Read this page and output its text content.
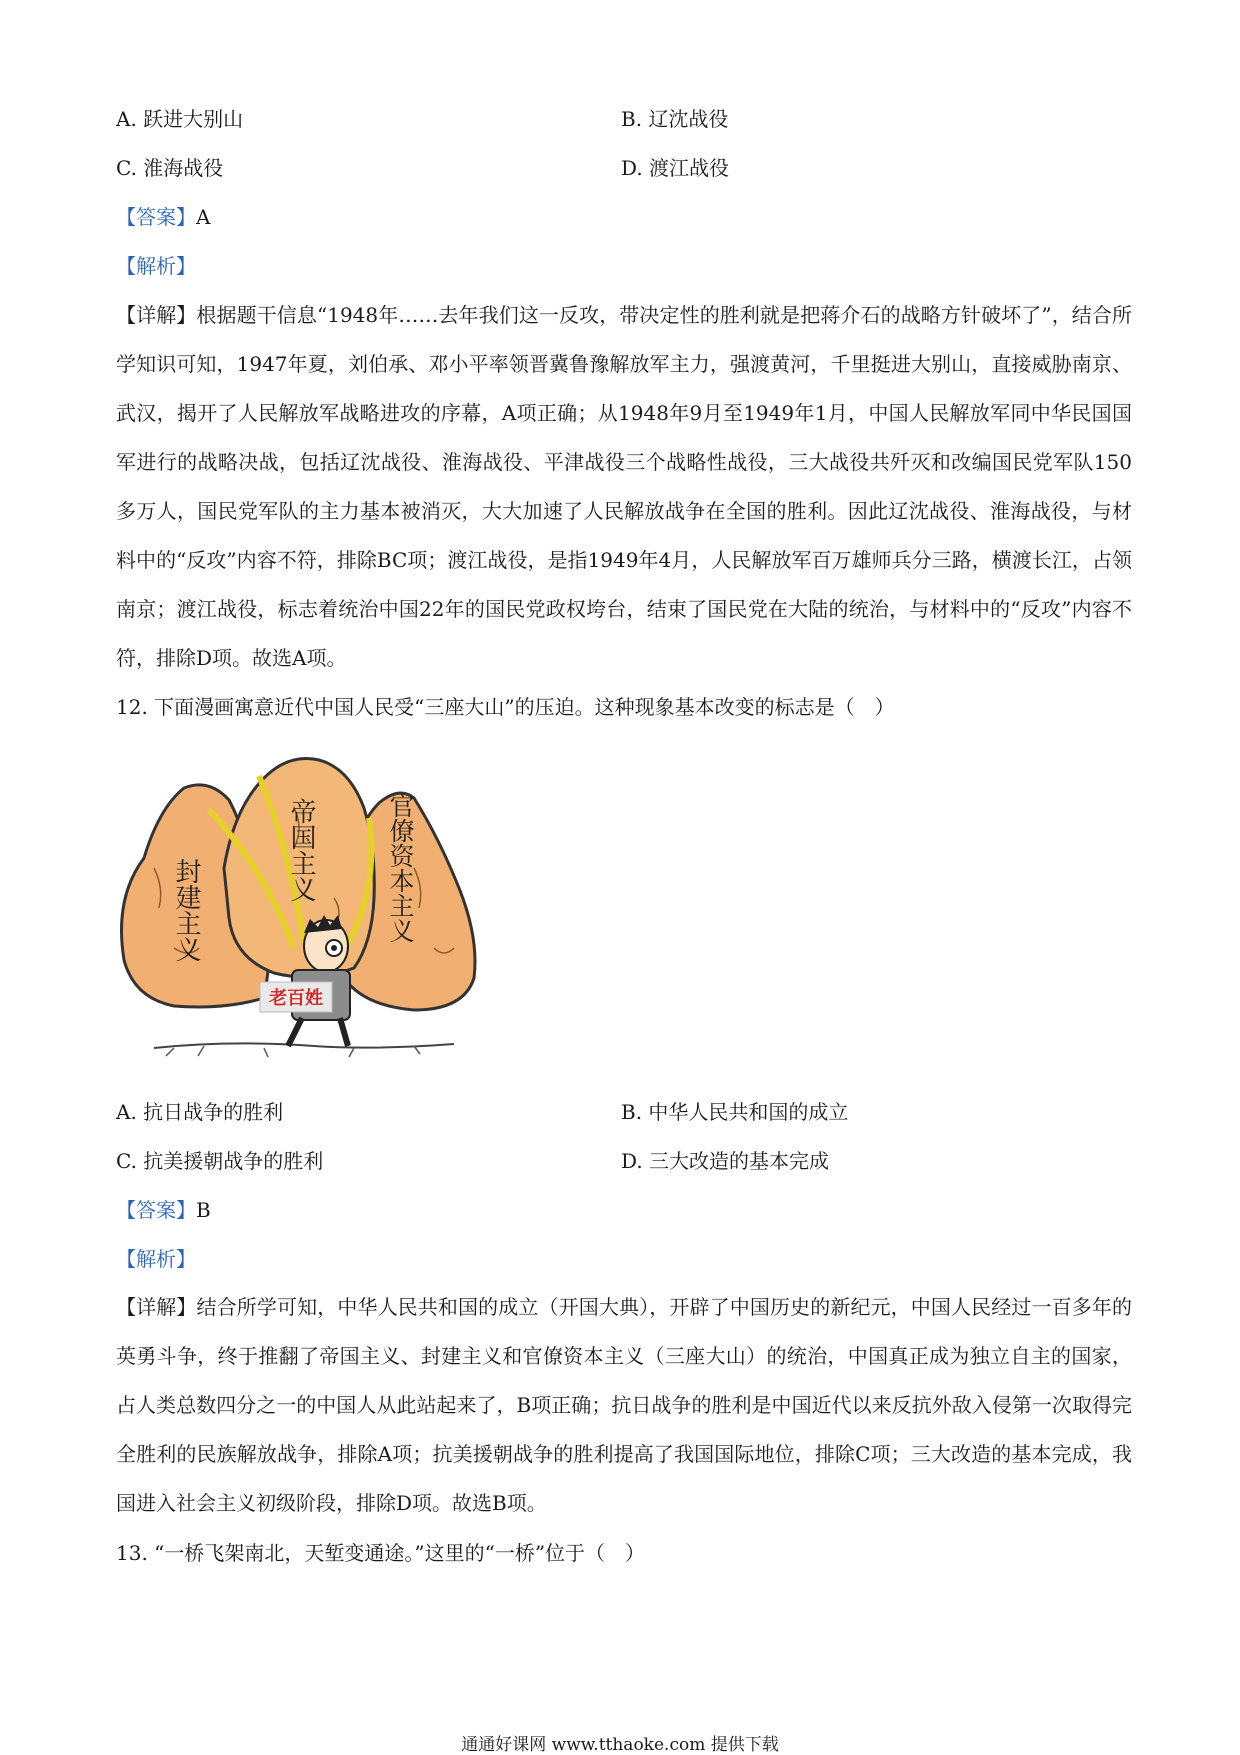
A. 跃进大别山	B. 辽沈战役
C. 淮海战役	D. 渡江战役
【答案】A
【解析】

【详解】根据题干信息“1948年……去年我们这一反攻，带决定性的胜利就是把蒋介石的战略方针破坏了”，结合所学知识可知，1947年夏，刘伯承、邓小平率领晋冀鲁豫解放军主力，强渡黄河，千里挺进大别山，直接威胁南京、武汉，揭开了人民解放军战略进攻的序幕，A项正确；从1948年9月至1949年1月，中国人民解放军同中华民国国军进行的战略决战，包括辽沈战役、淮海战役、平津战役三个战略性战役，三大战役共歼灭和改编国民党军队150多万人，国民党军队的主力基本被消灭，大大加速了人民解放战争在全国的胜利。因此辽沈战役、淮海战役，与材料中的“反攻”内容不符，排除BC项；渡江战役，是指1949年4月，人民解放军百万雄师兵分三路，横渡长江，占领南京；渡江战役，标志着统治中国22年的国民党政权垮台，结束了国民党在大陆的统治，与材料中的“反攻”内容不符，排除D项。故选A项。

12. 下面漫画寓意近代中国人民受“三座大山”的压迫。这种现象基本改变的标志是（　）
封建主义
帝国主义	官僚资本主义
老百姓
A. 抗日战争的胜利	B. 中华人民共和国的成立
C. 抗美援朝战争的胜利	D. 三大改造的基本完成
【答案】B
【解析】

【详解】结合所学可知，中华人民共和国的成立（开国大典），开辟了中国历史的新纪元，中国人民经过一百多年的英勇斗争，终于推翻了帝国主义、封建主义和官僚资本主义（三座大山）的统治，中国真正成为独立自主的国家，占人类总数四分之一的中国人从此站起来了，B项正确；抗日战争的胜利是中国近代以来反抗外敌入侵第一次取得完全胜利的民族解放战争，排除A项；抗美援朝战争的胜利提高了我国国际地位，排除C项；三大改造的基本完成，我国进入社会主义初级阶段，排除D项。故选B项。

13. “一桥飞架南北，天堑变通途。”这里的“一桥”位于（　）
通通好课网 www.tthaoke.com 提供下载
